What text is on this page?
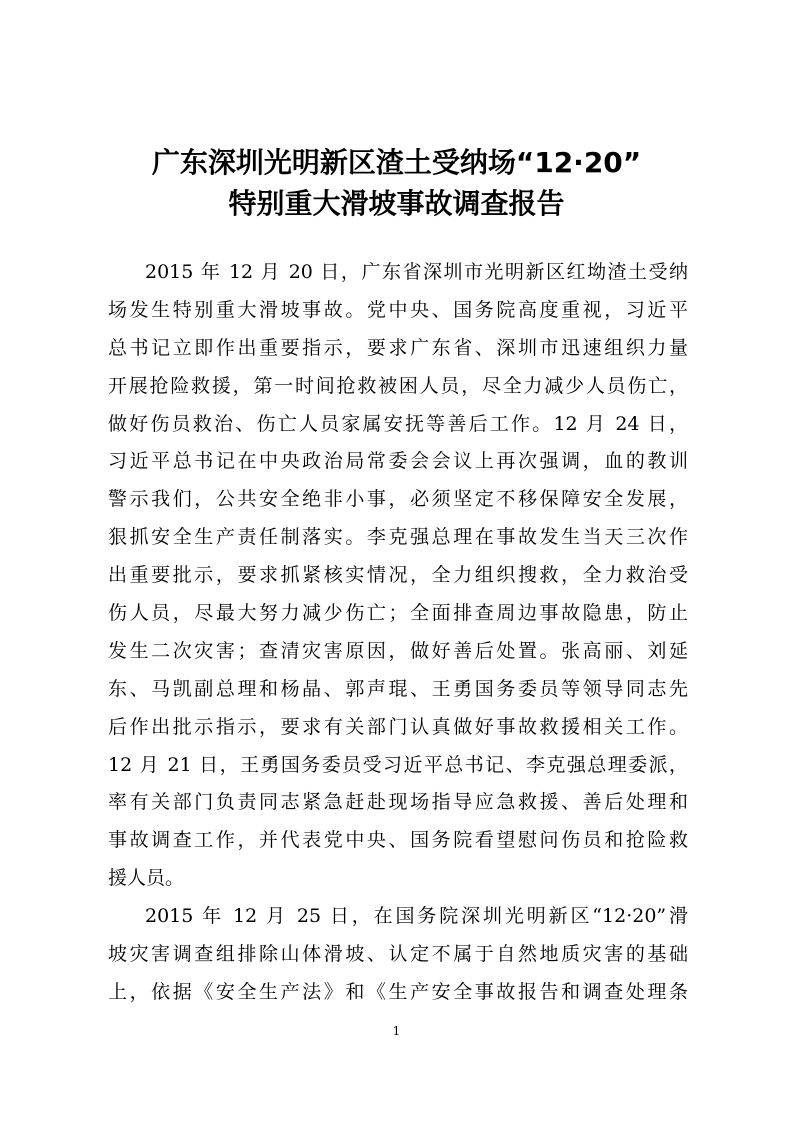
广东深圳光明新区渣土受纳场“12·20”
特别重大滑坡事故调查报告
2015 年 12 月 20 日，广东省深圳市光明新区红坳渣土受纳
场发生特别重大滑坡事故。党中央、国务院高度重视，习近平
总书记立即作出重要指示，要求广东省、深圳市迅速组织力量
开展抢险救援，第一时间抢救被困人员，尽全力减少人员伤亡，
做好伤员救治、伤亡人员家属安抚等善后工作。12 月 24 日，
习近平总书记在中央政治局常委会会议上再次强调，血的教训
警示我们，公共安全绝非小事，必须坚定不移保障安全发展，
狠抓安全生产责任制落实。李克强总理在事故发生当天三次作
出重要批示，要求抓紧核实情况，全力组织搜救，全力救治受
伤人员，尽最大努力减少伤亡；全面排查周边事故隐患，防止
发生二次灾害；查清灾害原因，做好善后处置。张高丽、刘延
东、马凯副总理和杨晶、郭声琨、王勇国务委员等领导同志先
后作出批示指示，要求有关部门认真做好事故救援相关工作。
12 月 21 日，王勇国务委员受习近平总书记、李克强总理委派，
率有关部门负责同志紧急赶赴现场指导应急救援、善后处理和
事故调查工作，并代表党中央、国务院看望慰问伤员和抢险救
援人员。
2015 年 12 月 25 日，在国务院深圳光明新区“12·20”滑
坡灾害调查组排除山体滑坡、认定不属于自然地质灾害的基础
上，依据《安全生产法》和《生产安全事故报告和调查处理条
1
